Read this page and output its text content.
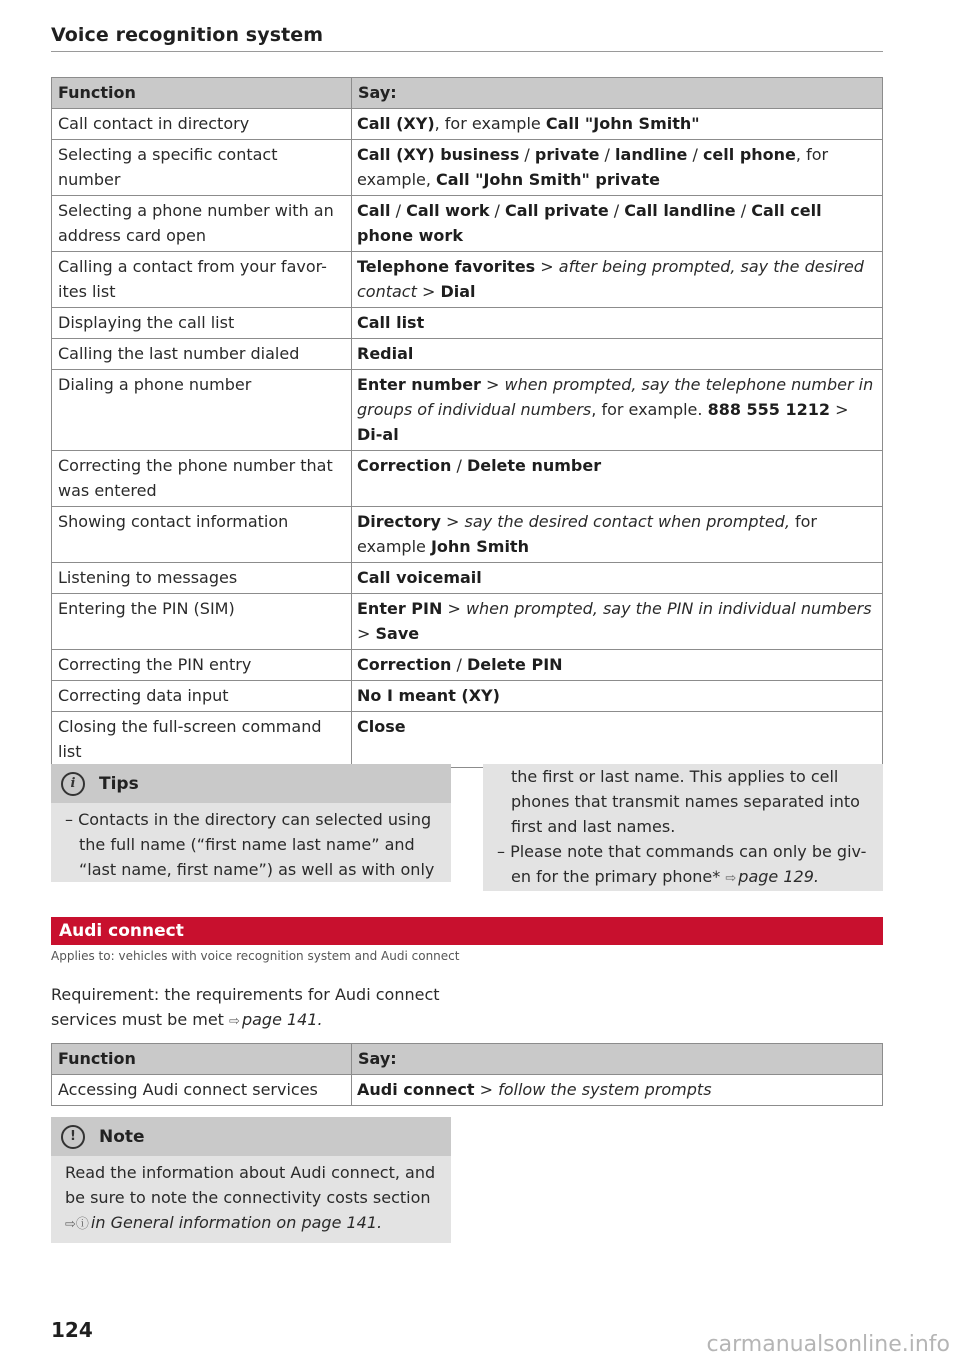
Voice recognition system
Function	Say:
Call contact in directory	Call (XY), for example Call "John Smith"
Selecting a specific contact number	Call (XY) business / private / landline / cell phone, for example, Call "John Smith" private
Selecting a phone number with an address card open	Call / Call work / Call private / Call landline / Call cell phone work
Calling a contact from your favor-ites list	Telephone favorites > after being prompted, say the desired contact > Dial
Displaying the call list	Call list
Calling the last number dialed	Redial
Dialing a phone number	Enter number > when prompted, say the telephone number in groups of individual numbers, for example. 888 555 1212 > Di-al
Correcting the phone number that was entered	Correction / Delete number
Showing contact information	Directory > say the desired contact when prompted, for example John Smith
Listening to messages	Call voicemail
Entering the PIN (SIM)	Enter PIN > when prompted, say the PIN in individual numbers > Save
Correcting the PIN entry	Correction / Delete PIN
Correcting data input	No I meant (XY)
Closing the full-screen command list	Close
i	Tips
– Contacts in the directory can selected using the full name (“first name last name” and “last name, first name”) as well as with only
the first or last name. This applies to cell phones that transmit names separated into first and last names.
– Please note that commands can only be giv-en for the primary phone* ⇨ page 129.
Audi connect
Applies to: vehicles with voice recognition system and Audi connect
Requirement: the requirements for Audi connect services must be met ⇨ page 141.
Function	Say:
Accessing Audi connect services	Audi connect > follow the system prompts
!	Note
Read the information about Audi connect, and be sure to note the connectivity costs section ⇨ⓘ in General information on page 141.
124
carmanualsonline.info
